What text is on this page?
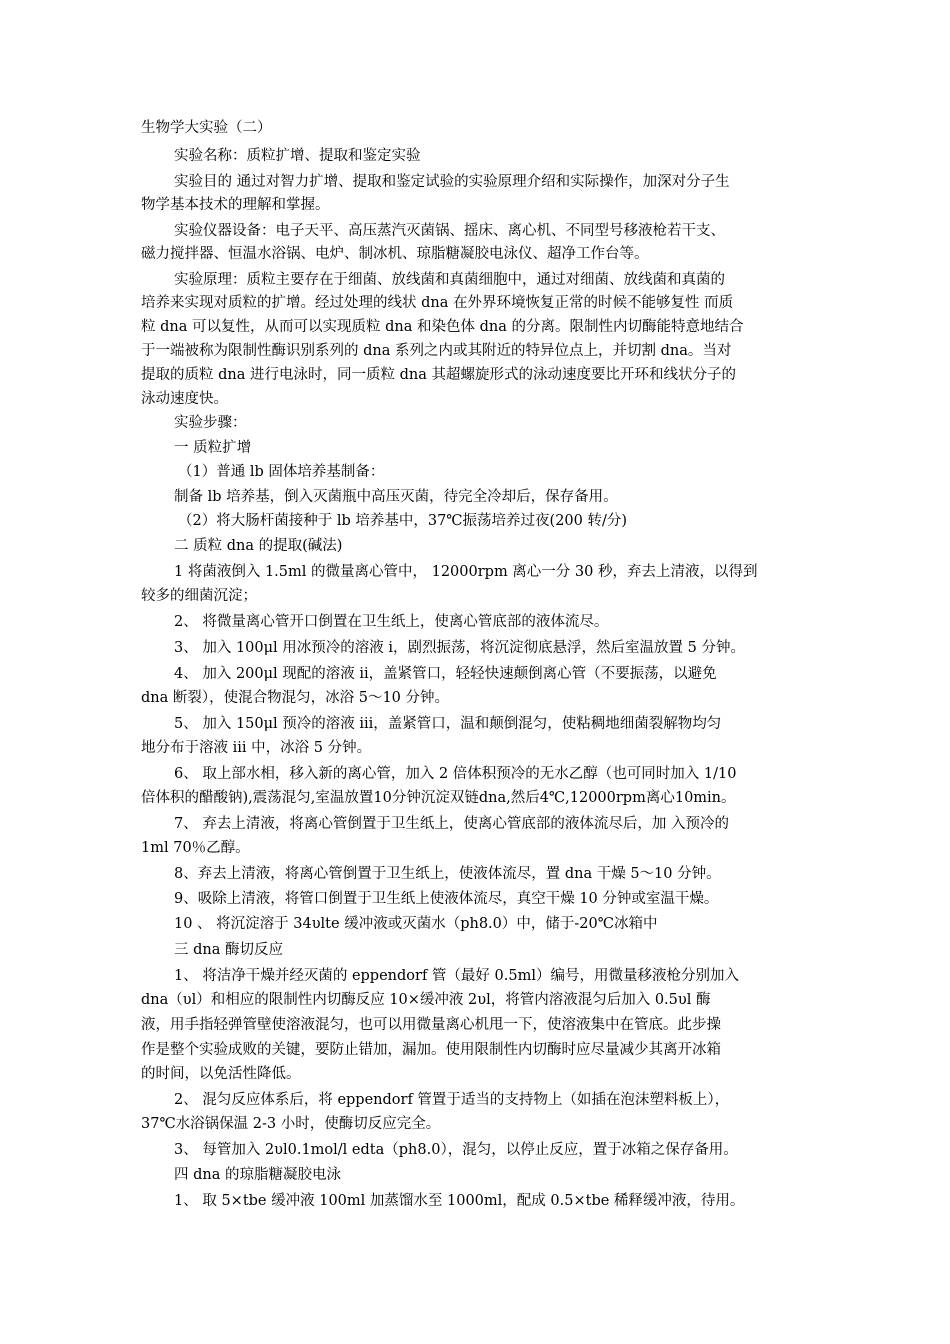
生物学大实验（二）
实验名称：质粒扩增、提取和鉴定实验
实验目的 通过对智力扩增、提取和鉴定试验的实验原理介绍和实际操作，加深对分子生
物学基本技术的理解和掌握。
实验仪器设备：电子天平、高压蒸汽灭菌锅、摇床、离心机、不同型号移液枪若干支、
磁力搅拌器、恒温水浴锅、电炉、制冰机、琼脂糖凝胶电泳仪、超净工作台等。
实验原理：质粒主要存在于细菌、放线菌和真菌细胞中，通过对细菌、放线菌和真菌的
培养来实现对质粒的扩增。经过处理的线状 dna 在外界环境恢复正常的时候不能够复性 而质
粒 dna 可以复性，从而可以实现质粒 dna 和染色体 dna 的分离。限制性内切酶能特意地结合
于一端被称为限制性酶识别系列的 dna 系列之内或其附近的特异位点上，并切割 dna。当对
提取的质粒 dna 进行电泳时，同一质粒 dna 其超螺旋形式的泳动速度要比开环和线状分子的
泳动速度快。
实验步骤：
一 质粒扩增
（1）普通 lb 固体培养基制备：
制备 lb 培养基，倒入灭菌瓶中高压灭菌，待完全冷却后，保存备用。
（2）将大肠杆菌接种于 lb 培养基中，37℃振荡培养过夜(200 转/分)
二 质粒 dna 的提取(碱法)
1 将菌液倒入 1.5ml 的微量离心管中， 12000rpm 离心一分 30 秒，弃去上清液，以得到
较多的细菌沉淀；
2、 将微量离心管开口倒置在卫生纸上，使离心管底部的液体流尽。
3、 加入 100μl 用冰预冷的溶液 i，剧烈振荡，将沉淀彻底悬浮，然后室温放置 5 分钟。
4、 加入 200μl 现配的溶液 ii，盖紧管口，轻轻快速颠倒离心管（不要振荡，以避免
dna 断裂），使混合物混匀，冰浴 5～10 分钟。
5、 加入 150μl 预冷的溶液 iii，盖紧管口，温和颠倒混匀，使粘稠地细菌裂解物均匀
地分布于溶液 iii 中，冰浴 5 分钟。
6、 取上部水相，移入新的离心管，加入 2 倍体积预冷的无水乙醇（也可同时加入 1/10
倍体积的醋酸钠),震荡混匀,室温放置10分钟沉淀双链dna,然后4℃,12000rpm离心10min。
7、 弃去上清液，将离心管倒置于卫生纸上，使离心管底部的液体流尽后，加 入预冷的
1ml 70％乙醇。
8、弃去上清液，将离心管倒置于卫生纸上，使液体流尽，置 dna 干燥 5～10 分钟。
9、吸除上清液，将管口倒置于卫生纸上使液体流尽，真空干燥 10 分钟或室温干燥。
10 、 将沉淀溶于 34υlte 缓冲液或灭菌水（ph8.0）中，储于-20℃冰箱中
三 dna 酶切反应
1、 将洁净干燥并经灭菌的 eppendorf 管（最好 0.5ml）编号，用微量移液枪分别加入
dna（υl）和相应的限制性内切酶反应 10×缓冲液 2υl，将管内溶液混匀后加入 0.5υl 酶
液，用手指轻弹管壁使溶液混匀，也可以用微量离心机甩一下，使溶液集中在管底。此步操
作是整个实验成败的关键，要防止错加，漏加。使用限制性内切酶时应尽量减少其离开冰箱
的时间，以免活性降低。
2、 混匀反应体系后，将 eppendorf 管置于适当的支持物上（如插在泡沫塑料板上），
37℃水浴锅保温 2-3 小时，使酶切反应完全。
3、 每管加入 2υl0.1mol/l edta（ph8.0），混匀，以停止反应，置于冰箱之保存备用。
四 dna 的琼脂糖凝胶电泳
1、 取 5×tbe 缓冲液 100ml 加蒸馏水至 1000ml，配成 0.5×tbe 稀释缓冲液，待用。
